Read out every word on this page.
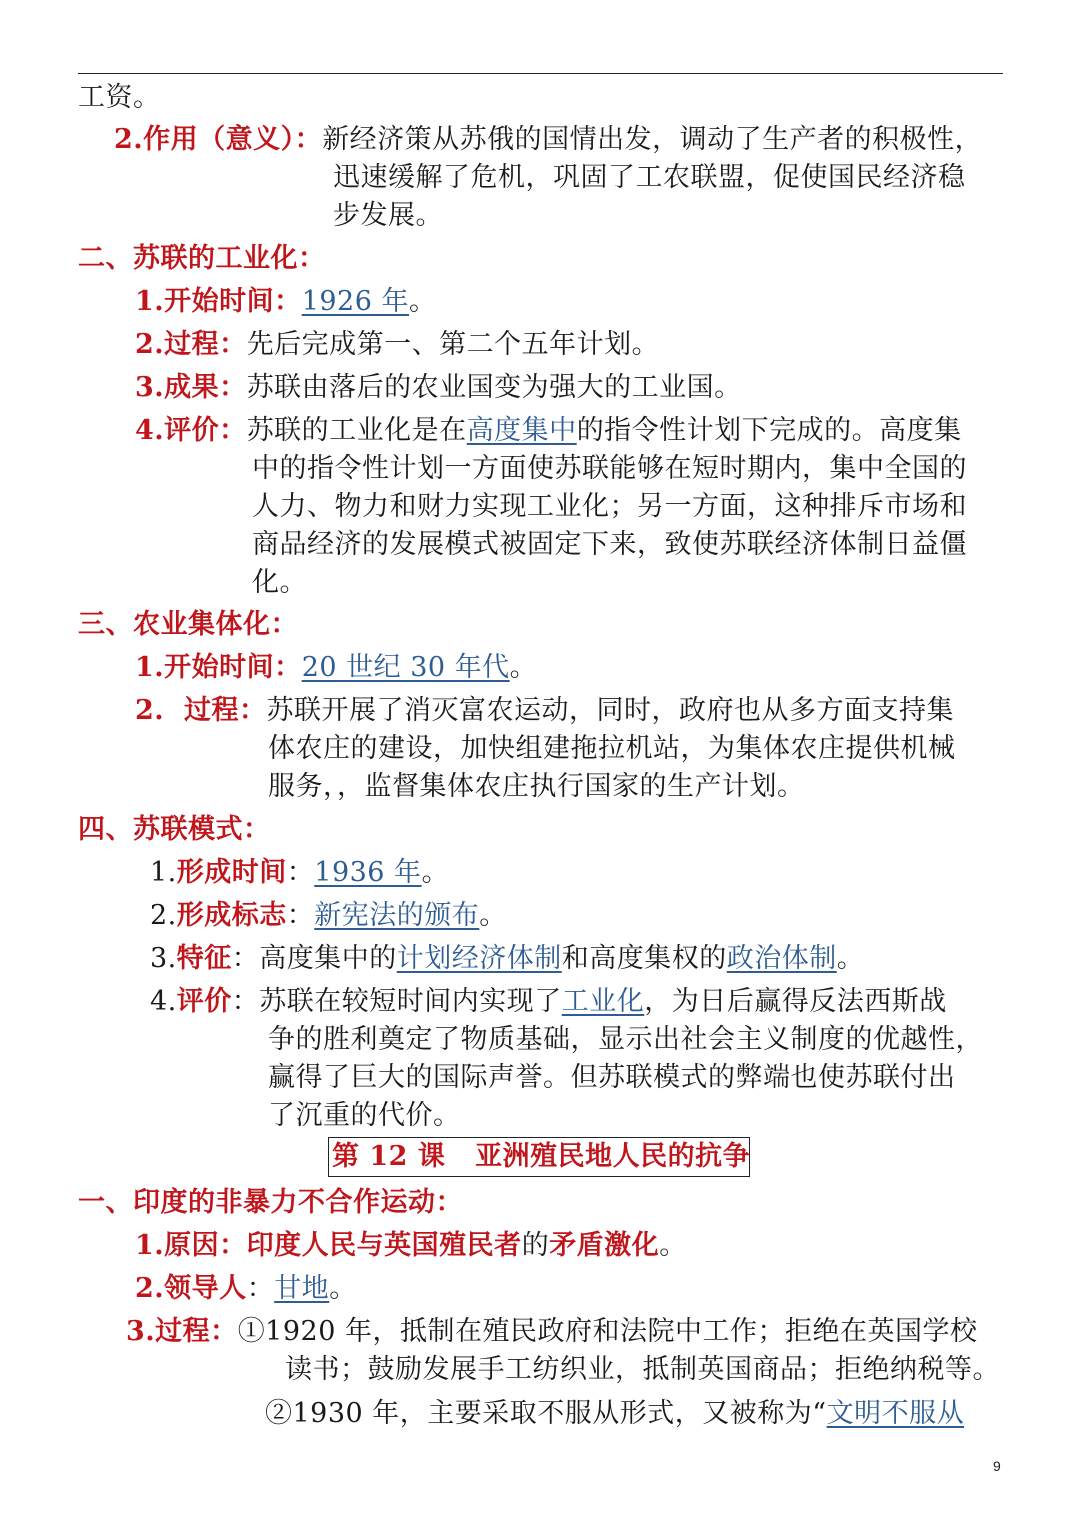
工资。
2.作用（意义）：新经济策从苏俄的国情出发，调动了生产者的积极性，
迅速缓解了危机，巩固了工农联盟，促使国民经济稳
步发展。
二、苏联的工业化：
1.开始时间：1926 年。
2.过程：先后完成第一、第二个五年计划。
3.成果：苏联由落后的农业国变为强大的工业国。
4.评价：苏联的工业化是在高度集中的指令性计划下完成的。高度集
中的指令性计划一方面使苏联能够在短时期内，集中全国的
人力、物力和财力实现工业化；另一方面，这种排斥市场和
商品经济的发展模式被固定下来，致使苏联经济体制日益僵
化。
三、农业集体化：
1.开始时间：20 世纪 30 年代。
2.  过程：苏联开展了消灭富农运动，同时，政府也从多方面支持集
体农庄的建设，加快组建拖拉机站，为集体农庄提供机械
服务，，监督集体农庄执行国家的生产计划。
四、苏联模式：
1.形成时间：1936 年。
2.形成标志：新宪法的颁布。
3.特征：高度集中的计划经济体制和高度集权的政治体制。
4.评价：苏联在较短时间内实现了工业化，为日后赢得反法西斯战
争的胜利奠定了物质基础，显示出社会主义制度的优越性，
赢得了巨大的国际声誉。但苏联模式的弊端也使苏联付出
了沉重的代价。
第 12 课   亚洲殖民地人民的抗争
一、印度的非暴力不合作运动：
1.原因：印度人民与英国殖民者的矛盾激化。
2.领导人：甘地。
3.过程：①1920 年，抵制在殖民政府和法院中工作；拒绝在英国学校
读书；鼓励发展手工纺织业，抵制英国商品；拒绝纳税等。
②1930 年，主要采取不服从形式，又被称为“文明不服从
9
